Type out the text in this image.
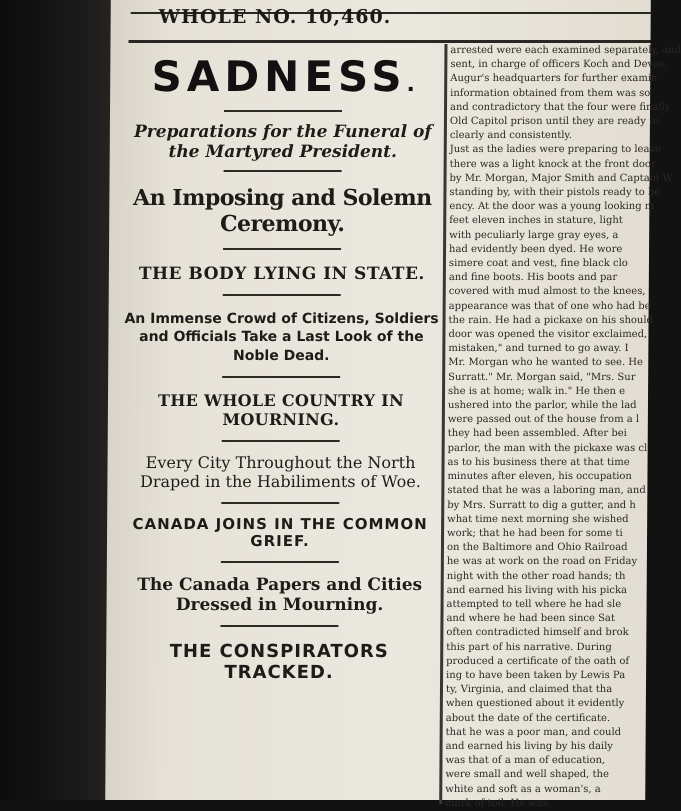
WHOLE NO. 10,460.
SADNESS .
Preparations for the Funeral of the Martyred President.
An Imposing and Solemn Ceremony.
THE BODY LYING IN STATE.
An Immense Crowd of Citizens, Soldiers and Officials Take a Last Look of the Noble Dead.
THE WHOLE COUNTRY IN MOURNING.
Every City Throughout the North Draped in the Habiliments of Woe.
CANADA JOINS IN THE COMMON GRIEF.
The Canada Papers and Cities Dressed in Mourning.
THE CONSPIRATORS TRACKED.
arrested were each examined separately, and
sent, in charge of officers Koch and Devoe,
Augur's headquarters for further examin
information obtained from them was so
and contradictory that the four were finally
Old Capitol prison until they are ready to
clearly and consistently.
Just as the ladies were preparing to leave
there was a light knock at the front door.
by Mr. Morgan, Major Smith and Captain W
standing by, with their pistols ready to be
ency. At the door was a young looking m
feet eleven inches in stature, light
with peculiarly large gray eyes, a
had evidently been dyed. He wore
simere coat and vest, fine black clo
and fine boots. His boots and par
covered with mud almost to the knees,
appearance was that of one who had be
the rain. He had a pickaxe on his should
door was opened the visitor exclaimed,
mistaken," and turned to go away. I
Mr. Morgan who he wanted to see. He
Surratt." Mr. Morgan said, "Mrs. Sur
she is at home; walk in." He then e
ushered into the parlor, while the lad
were passed out of the house from a l
they had been assembled. After bei
parlor, the man with the pickaxe was cl
as to his business there at that time
minutes after eleven, his occupation
stated that he was a laboring man, and
by Mrs. Surratt to dig a gutter, and h
what time next morning she wished
work; that he had been for some ti
on the Baltimore and Ohio Railroad
he was at work on the road on Friday
night with the other road hands; th
and earned his living with his picka
attempted to tell where he had sle
and where he had been since Sat
often contradicted himself and brok
this part of his narrative. During
produced a certificate of the oath of
ing to have been taken by Lewis Pa
ty, Virginia, and claimed that tha
when questioned about it evidently
about the date of the certificate.
that he was a poor man, and could
and earned his living by his daily
was that of a man of education,
were small and well shaped, the
white and soft as a woman's, a
mark of toil. He was
